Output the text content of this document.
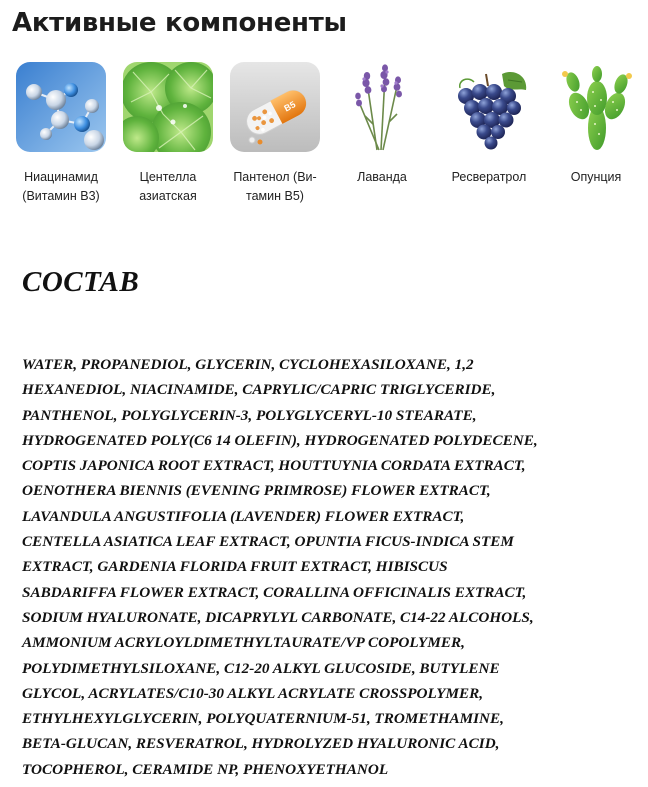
Активные компоненты
Ниацинамид
(Витамин В3)
Центелла
азиатская
B5
Пантенол (Ви-
тамин В5)
Лаванда	Ресвератрол	Опунция
СОСТАВ
WATER, PROPANEDIOL, GLYCERIN, CYCLOHEXASILOXANE, 1,2
HEXANEDIOL, NIACINAMIDE, CAPRYLIC/CAPRIC TRIGLYCERIDE,
PANTHENOL, POLYGLYCERIN-3, POLYGLYCERYL-10 STEARATE,
HYDROGENATED POLY(C6 14 OLEFIN), HYDROGENATED POLYDECENE,
COPTIS JAPONICA ROOT EXTRACT, HOUTTUYNIA CORDATA EXTRACT,
OENOTHERA BIENNIS (EVENING PRIMROSE) FLOWER EXTRACT,
LAVANDULA ANGUSTIFOLIA (LAVENDER) FLOWER EXTRACT,
CENTELLA ASIATICA LEAF EXTRACT, OPUNTIA FICUS-INDICA STEM
EXTRACT, GARDENIA FLORIDA FRUIT EXTRACT, HIBISCUS
SABDARIFFA FLOWER EXTRACT, CORALLINA OFFICINALIS EXTRACT,
SODIUM HYALURONATE, DICAPRYLYL CARBONATE, C14-22 ALCOHOLS,
AMMONIUM ACRYLOYLDIMETHYLTAURATE/VP COPOLYMER,
POLYDIMETHYLSILOXANE, C12-20 ALKYL GLUCOSIDE, BUTYLENE
GLYCOL, ACRYLATES/C10-30 ALKYL ACRYLATE CROSSPOLYMER,
ETHYLHEXYLGLYCERIN, POLYQUATERNIUM-51, TROMETHAMINE,
BETA-GLUCAN, RESVERATROL, HYDROLYZED HYALURONIC ACID,
TOCOPHEROL, CERAMIDE NP, PHENOXYETHANOL
